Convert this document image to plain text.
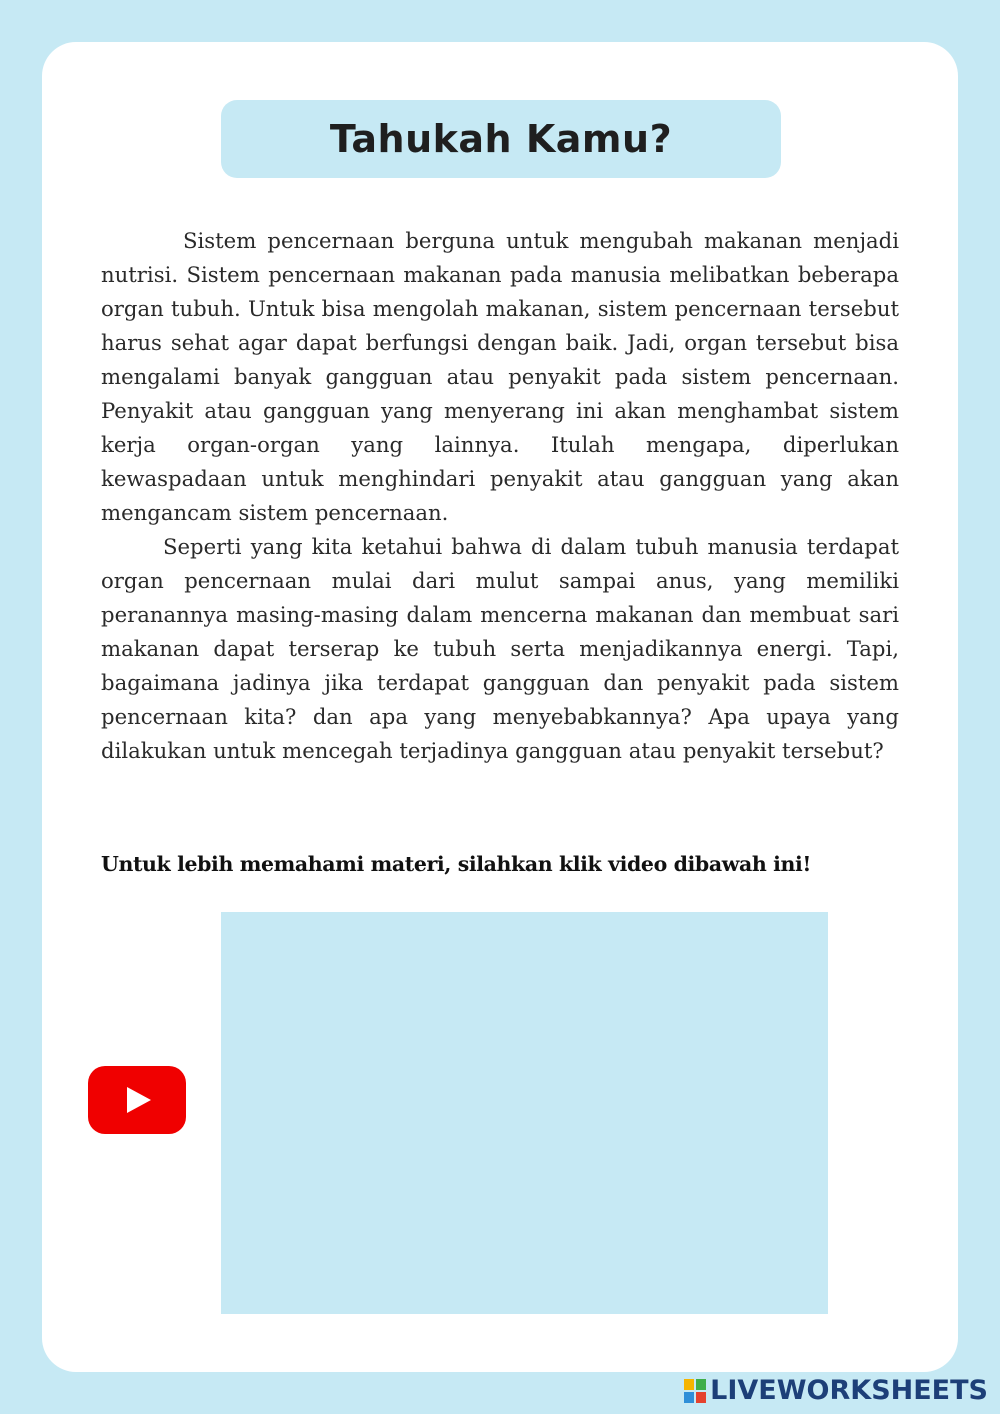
Tahukah Kamu?

Sistem pencernaan berguna untuk mengubah makanan menjadi nutrisi. Sistem pencernaan makanan pada manusia melibatkan beberapa organ tubuh. Untuk bisa mengolah makanan, sistem pencernaan tersebut harus sehat agar dapat berfungsi dengan baik. Jadi, organ tersebut bisa mengalami banyak gangguan atau penyakit pada sistem pencernaan. Penyakit atau gangguan yang menyerang ini akan menghambat sistem kerja organ-organ yang lainnya. Itulah mengapa, diperlukan kewaspadaan untuk menghindari penyakit atau gangguan yang akan mengancam sistem pencernaan.

Seperti yang kita ketahui bahwa di dalam tubuh manusia terdapat organ pencernaan mulai dari mulut sampai anus, yang memiliki peranannya masing-masing dalam mencerna makanan dan membuat sari makanan dapat terserap ke tubuh serta menjadikannya energi. Tapi, bagaimana jadinya jika terdapat gangguan dan penyakit pada sistem pencernaan kita? dan apa yang menyebabkannya? Apa upaya yang dilakukan untuk mencegah terjadinya gangguan atau penyakit tersebut?

Untuk lebih memahami materi, silahkan klik video dibawah ini!
LIVEWORKSHEETS
